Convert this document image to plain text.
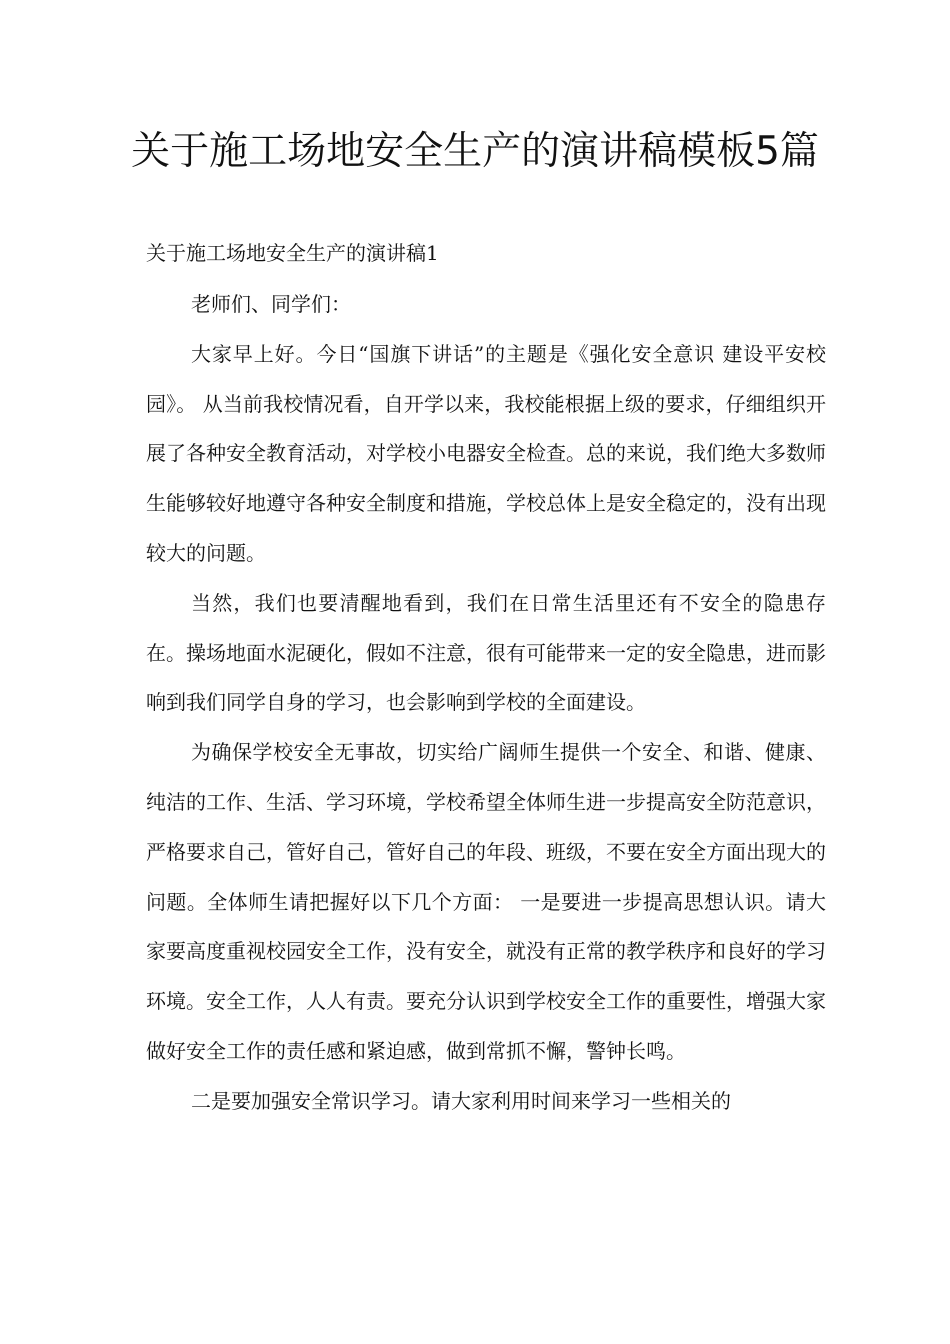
关于施工场地安全生产的演讲稿模板5篇
关于施工场地安全生产的演讲稿1

老师们、同学们：

大家早上好。今日“国旗下讲话”的主题是《强化安全意识 建设平安校园》。 从当前我校情况看，自开学以来，我校能根据上级的要求，仔细组织开展了各种安全教育活动，对学校小电器安全检查。总的来说，我们绝大多数师生能够较好地遵守各种安全制度和措施，学校总体上是安全稳定的，没有出现较大的问题。

当然，我们也要清醒地看到，我们在日常生活里还有不安全的隐患存在。操场地面水泥硬化，假如不注意，很有可能带来一定的安全隐患，进而影响到我们同学自身的学习，也会影响到学校的全面建设。

为确保学校安全无事故，切实给广阔师生提供一个安全、和谐、健康、纯洁的工作、生活、学习环境，学校希望全体师生进一步提高安全防范意识，严格要求自己，管好自己，管好自己的年段、班级，不要在安全方面出现大的问题。全体师生请把握好以下几个方面： 一是要进一步提高思想认识。请大家要高度重视校园安全工作，没有安全，就没有正常的教学秩序和良好的学习环境。安全工作，人人有责。要充分认识到学校安全工作的重要性，增强大家做好安全工作的责任感和紧迫感，做到常抓不懈，警钟长鸣。

二是要加强安全常识学习。请大家利用时间来学习一些相关的
